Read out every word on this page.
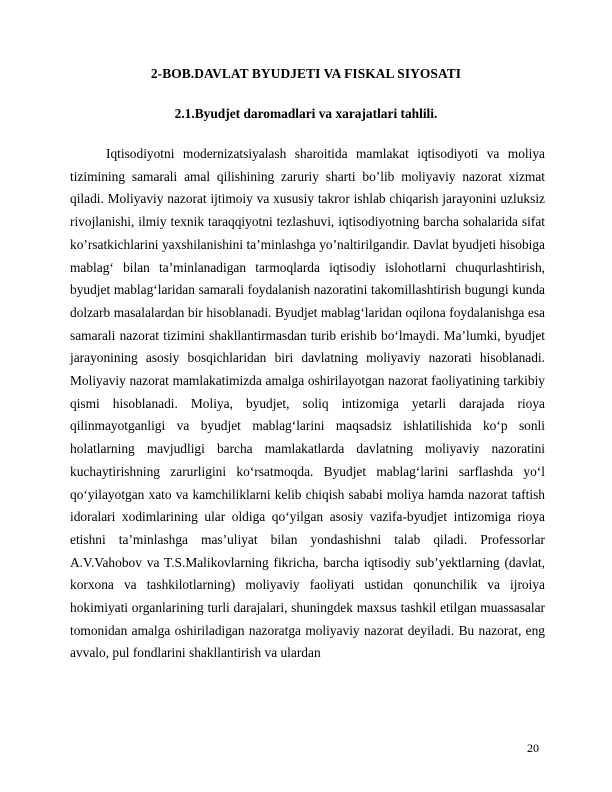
2-BOB.DAVLAT BYUDJETI VA FISKAL SIYOSATI
2.1.Byudjet daromadlari va xarajatlari tahlili.

Iqtisodiyotni modernizatsiyalash sharoitida mamlakat iqtisodiyoti va moliya tizimining samarali amal qilishining zaruriy sharti bo’lib moliyaviy nazorat xizmat qiladi. Moliyaviy nazorat ijtimoiy va xususiy takror ishlab chiqarish jarayonini uzluksiz rivojlanishi, ilmiy texnik taraqqiyotni tezlashuvi, iqtisodiyotning barcha sohalarida sifat ko’rsatkichlarini yaxshilanishini ta’minlashga yo’naltirilgandir. Davlat byudjeti hisobiga mablag‘ bilan ta’minlanadigan tarmoqlarda iqtisodiy islohotlarni chuqurlashtirish, byudjet mablag‘laridan samarali foydalanish nazoratini takomillashtirish bugungi kunda dolzarb masalalardan bir hisoblanadi. Byudjet mablag‘laridan oqilona foydalanishga esa samarali nazorat tizimini shakllantirmasdan turib erishib bo‘lmaydi. Ma’lumki, byudjet jarayonining asosiy bosqichlaridan biri davlatning moliyaviy nazorati hisoblanadi. Moliyaviy nazorat mamlakatimizda amalga oshirilayotgan nazorat faoliyatining tarkibiy qismi hisoblanadi. Moliya, byudjet, soliq intizomiga yetarli darajada rioya qilinmayotganligi va byudjet mablag‘larini maqsadsiz ishlatilishida ko‘p sonli holatlarning mavjudligi barcha mamlakatlarda davlatning moliyaviy nazoratini kuchaytirishning zarurligini ko‘rsatmoqda. Byudjet mablag‘larini sarflashda yo‘l qo‘yilayotgan xato va kamchiliklarni kelib chiqish sababi moliya hamda nazorat taftish idoralari xodimlarining ular oldiga qo‘yilgan asosiy vazifa-byudjet intizomiga rioya etishni ta’minlashga mas’uliyat bilan yondashishni talab qiladi. Professorlar A.V.Vahobov va T.S.Malikovlarning fikricha, barcha iqtisodiy sub’yektlarning (davlat, korxona va tashkilotlarning) moliyaviy faoliyati ustidan qonunchilik va ijroiya hokimiyati organlarining turli darajalari, shuningdek maxsus tashkil etilgan muassasalar tomonidan amalga oshiriladigan nazoratga moliyaviy nazorat deyiladi. Bu nazorat, eng avvalo, pul fondlarini shakllantirish va ulardan

20
